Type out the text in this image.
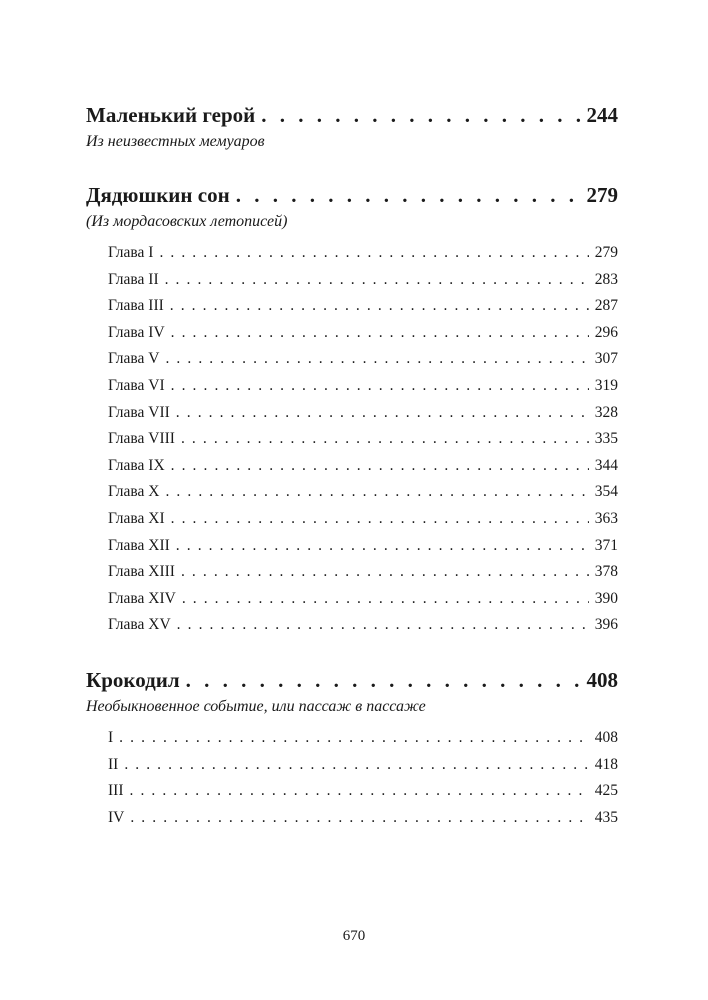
Маленький герой . . .	244
Из неизвестных мемуаров
Дядюшкин сон . . .	279
(Из мордасовских летописей)
Глава I . . .	279
Глава II . . .	283
Глава III . . .	287
Глава IV . . .	296
Глава V . . .	307
Глава VI . . .	319
Глава VII . . .	328
Глава VIII . . .	335
Глава IX . . .	344
Глава X . . .	354
Глава XI . . .	363
Глава XII . . .	371
Глава XIII . . .	378
Глава XIV . . .	390
Глава XV . . .	396
Крокодил . . .	408
Необыкновенное событие, или пассаж в пассаже
I . . .	408
II . . .	418
III . . .	425
IV . . .	435
670
